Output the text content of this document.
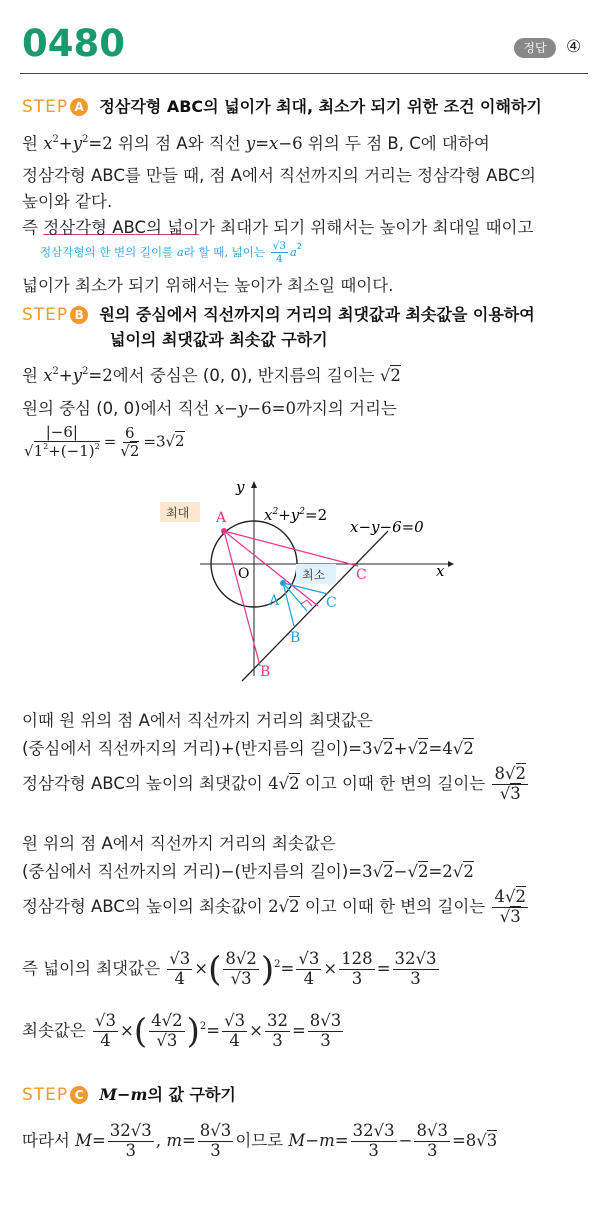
0480	정답	④
STEP A 정삼각형 ABC의 넓이가 최대, 최소가 되기 위한 조건 이해하기
원 $x^2+y^2=2$ 위의 점 A와 직선 y=x−6 위의 두 점 B, C에 대하여
정삼각형 ABC를 만들 때, 점 A에서 직선까지의 거리는 정삼각형 ABC의
높이와 같다.
즉 정삼각형 ABC의 넓이가 최대가 되기 위해서는 높이가 최대일 때이고
정삼각형의 한 변의 길이를 a라 할 때, 넓이는 $\frac{√3}{4} a^2$
넓이가 최소가 되기 위해서는 높이가 최소일 때이다.
STEP B 원의 중심에서 직선까지의 거리의 최댓값과 최솟값을 이용하여
넓이의 최댓값과 최솟값 구하기
원 $x^2+y^2=2$에서 중심은 (0, 0), 반지름의 길이는 √2
원의 중심 (0, 0)에서 직선 x−y−6=0까지의 거리는
$\frac{|-6|}{√1^2+(-1)^2} = \frac{6}{√2} =3√2$
x
y
O
최대
최소
$x^2+y^2=2$
x−y−6=0
A
C
B
A	C
B
이때 원 위의 점 A에서 직선까지 거리의 최댓값은
(중심에서 직선까지의 거리)+(반지름의 길이)=3√2+√2=4√2
정삼각형 ABC의 높이의 최댓값이 4√2 이고 이때 한 변의 길이는 $\frac{8√2}{√3}$
원 위의 점 A에서 직선까지 거리의 최솟값은
(중심에서 직선까지의 거리)−(반지름의 길이)=3√2−√2=2√2
정삼각형 ABC의 높이의 최솟값이 2√2 이고 이때 한 변의 길이는 $\frac{4√2}{√3}$
즉 넓이의 최댓값은 $\frac{√3}{4}$ ×( $\frac{8√2}{√3} )^2= \frac{√3}{4} \times \frac{128}{3} = \frac{32√3}{3}$
최솟값은 $\frac{√3}{4}$ ×( $\frac{4√2}{√3} )^2= \frac{√3}{4} \times \frac{32}{3} = \frac{8√3}{3}$
STEP C M−m의 값 구하기
따라서 $M= \frac{32√3}{3}$ , $m= \frac{8√3}{3}$ 이므로 $M-m= \frac{32√3}{3} - \frac{8√3}{3} =8√3$
